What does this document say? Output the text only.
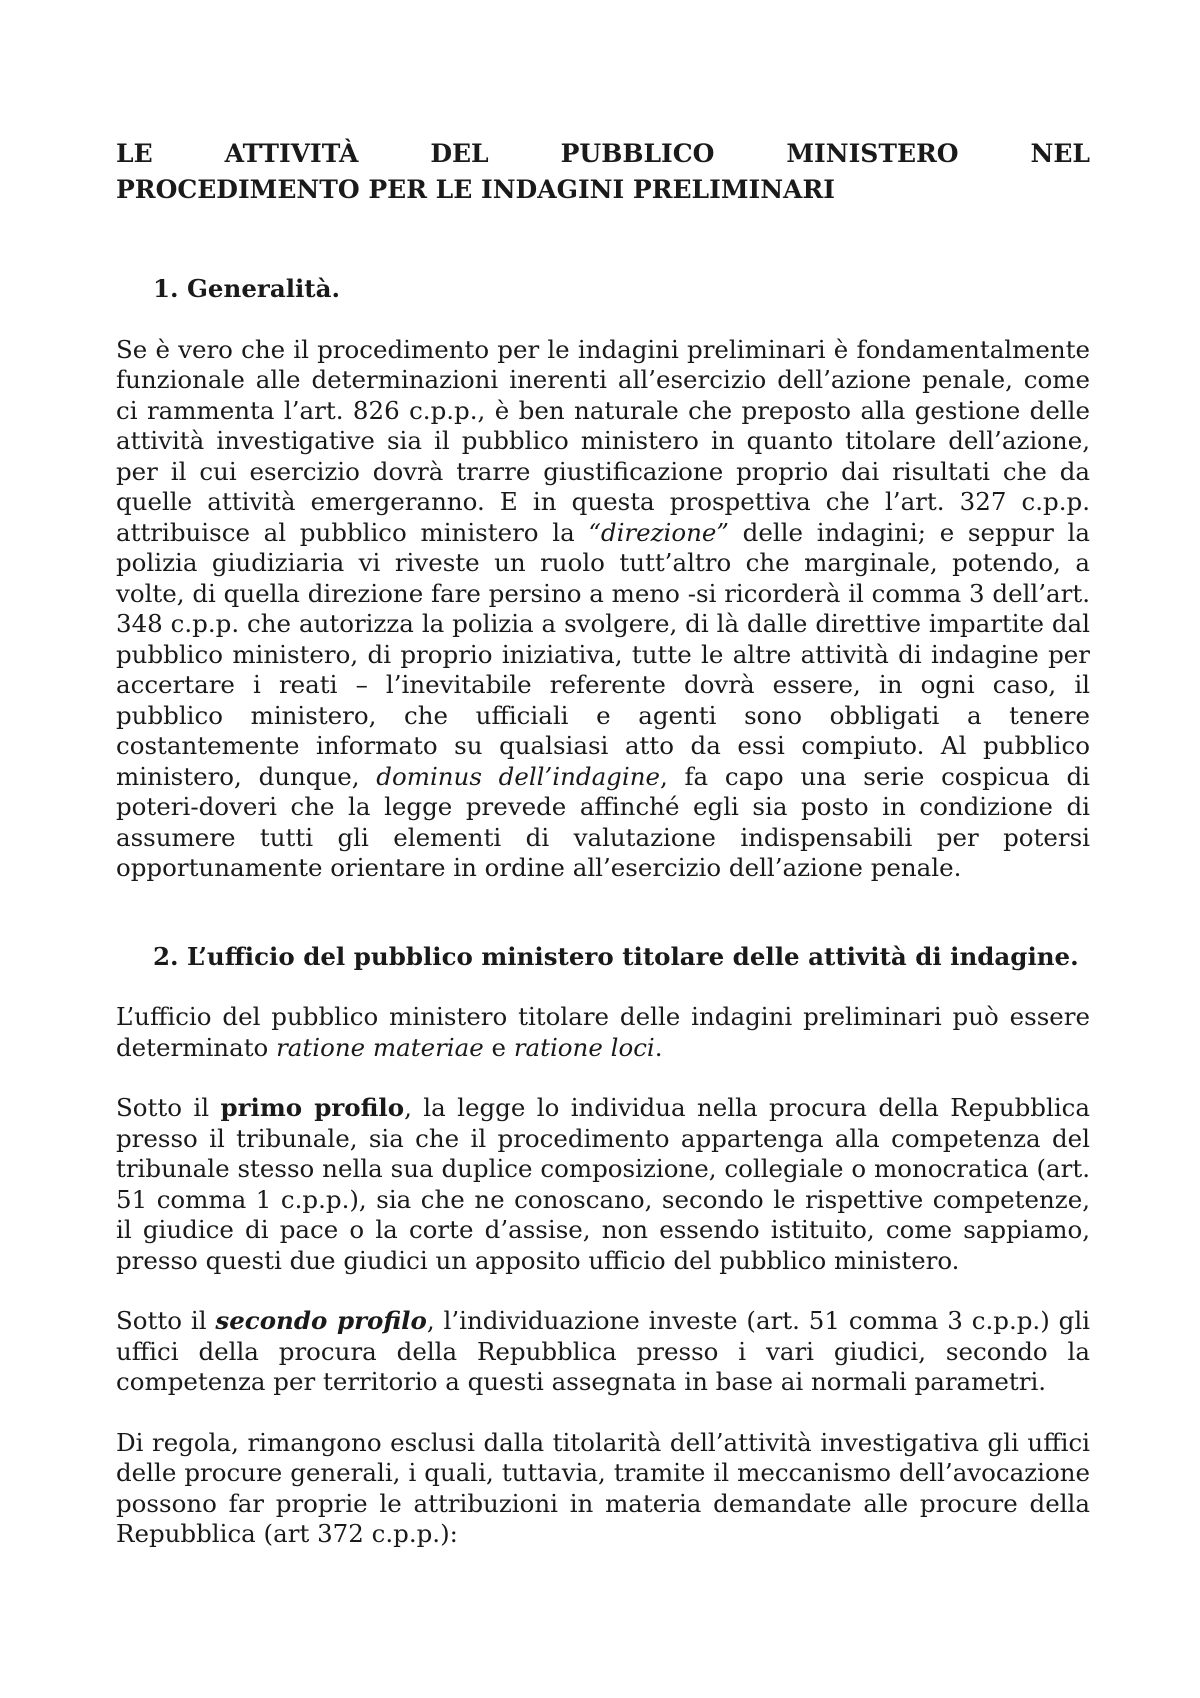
LE ATTIVITÀ DEL PUBBLICO MINISTERO NEL
PROCEDIMENTO PER LE INDAGINI PRELIMINARI
1. Generalità.

Se è vero che il procedimento per le indagini preliminari è fondamentalmente funzionale alle determinazioni inerenti all’esercizio dell’azione penale, come ci rammenta l’art. 826 c.p.p., è ben naturale che preposto alla gestione delle attività investigative sia il pubblico ministero in quanto titolare dell’azione, per il cui esercizio dovrà trarre giustificazione proprio dai risultati che da quelle attività emergeranno. E in questa prospettiva che l’art. 327 c.p.p. attribuisce al pubblico ministero la “direzione” delle indagini; e seppur la polizia giudiziaria vi riveste un ruolo tutt’altro che marginale, potendo, a volte, di quella direzione fare persino a meno -si ricorderà il comma 3 dell’art. 348 c.p.p. che autorizza la polizia a svolgere, di là dalle direttive impartite dal pubblico ministero, di proprio iniziativa, tutte le altre attività di indagine per accertare i reati – l’inevitabile referente dovrà essere, in ogni caso, il pubblico ministero, che ufficiali e agenti sono obbligati a tenere costantemente informato su qualsiasi atto da essi compiuto. Al pubblico ministero, dunque, dominus dell’indagine, fa capo una serie cospicua di poteri-doveri che la legge prevede affinché egli sia posto in condizione di assumere tutti gli elementi di valutazione indispensabili per potersi opportunamente orientare in ordine all’esercizio dell’azione penale.

2. L’ufficio del pubblico ministero titolare delle attività di indagine.

L’ufficio del pubblico ministero titolare delle indagini preliminari può essere determinato ratione materiae e ratione loci.

Sotto il primo profilo, la legge lo individua nella procura della Repubblica presso il tribunale, sia che il procedimento appartenga alla competenza del tribunale stesso nella sua duplice composizione, collegiale o monocratica (art. 51 comma 1 c.p.p.), sia che ne conoscano, secondo le rispettive competenze, il giudice di pace o la corte d’assise, non essendo istituito, come sappiamo, presso questi due giudici un apposito ufficio del pubblico ministero.

Sotto il secondo profilo, l’individuazione investe (art. 51 comma 3 c.p.p.) gli uffici della procura della Repubblica presso i vari giudici, secondo la competenza per territorio a questi assegnata in base ai normali parametri.

Di regola, rimangono esclusi dalla titolarità dell’attività investigativa gli uffici delle procure generali, i quali, tuttavia, tramite il meccanismo dell’avocazione possono far proprie le attribuzioni in materia demandate alle procure della Repubblica (art 372 c.p.p.):
